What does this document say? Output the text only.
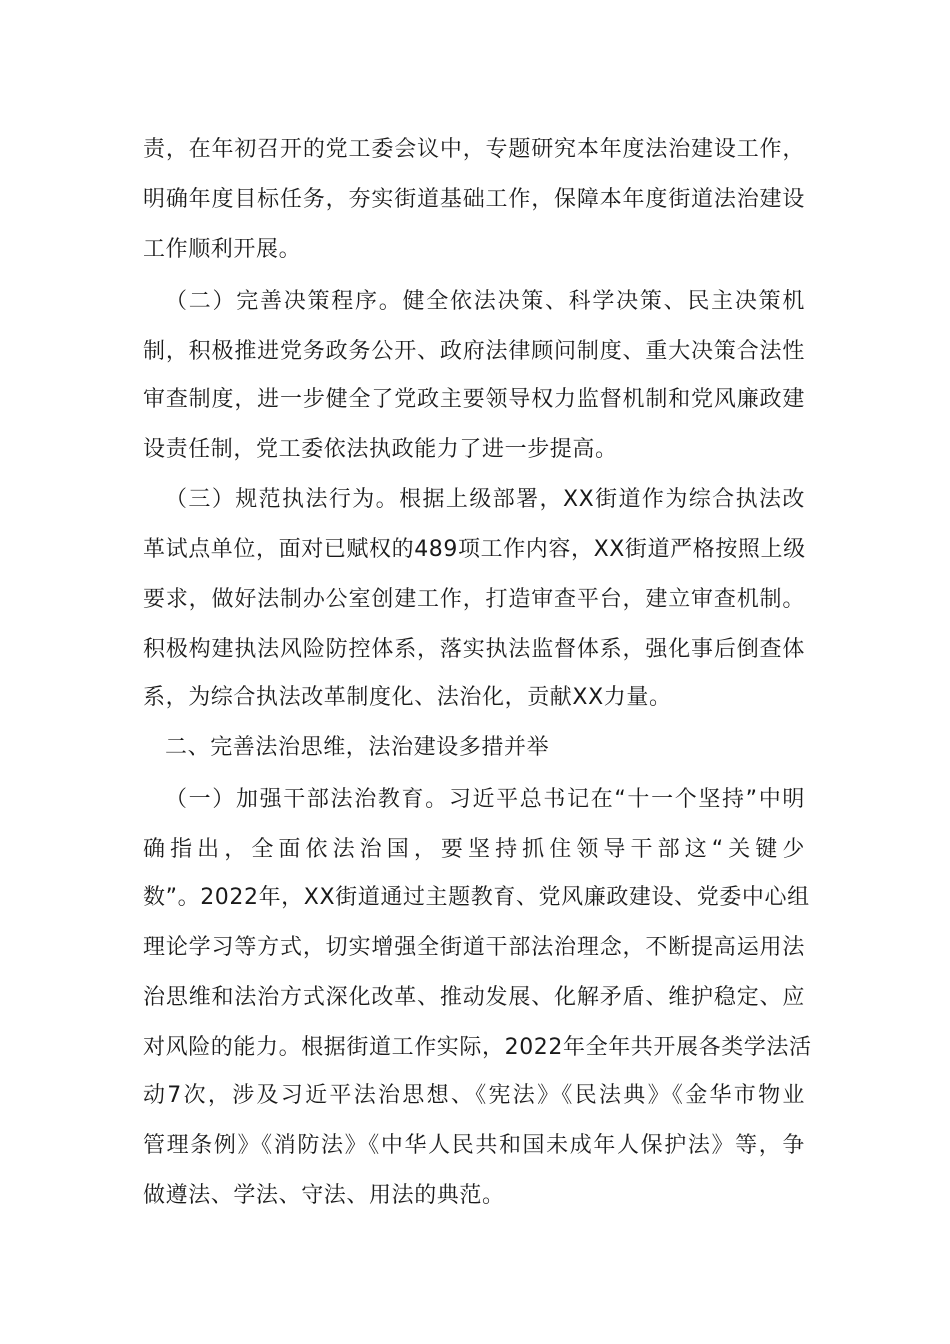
责，在年初召开的党工委会议中，专题研究本年度法治建设工作，
明确年度目标任务，夯实街道基础工作，保障本年度街道法治建设
工作顺利开展。
（二）完善决策程序。健全依法决策、科学决策、民主决策机
制，积极推进党务政务公开、政府法律顾问制度、重大决策合法性
审查制度，进一步健全了党政主要领导权力监督机制和党风廉政建
设责任制，党工委依法执政能力了进一步提高。
（三）规范执法行为。根据上级部署，XX街道作为综合执法改
革试点单位，面对已赋权的489项工作内容，XX街道严格按照上级
要求，做好法制办公室创建工作，打造审查平台，建立审查机制。
积极构建执法风险防控体系，落实执法监督体系，强化事后倒查体
系，为综合执法改革制度化、法治化，贡献XX力量。
二、完善法治思维，法治建设多措并举
（一）加强干部法治教育。习近平总书记在“十一个坚持”中明
确指出，全面依法治国，要坚持抓住领导干部这“关键少
数”。2022年，XX街道通过主题教育、党风廉政建设、党委中心组
理论学习等方式，切实增强全街道干部法治理念，不断提高运用法
治思维和法治方式深化改革、推动发展、化解矛盾、维护稳定、应
对风险的能力。根据街道工作实际，2022年全年共开展各类学法活
动7次，涉及习近平法治思想、《宪法》《民法典》《金华市物业
管理条例》《消防法》《中华人民共和国未成年人保护法》等，争
做遵法、学法、守法、用法的典范。
